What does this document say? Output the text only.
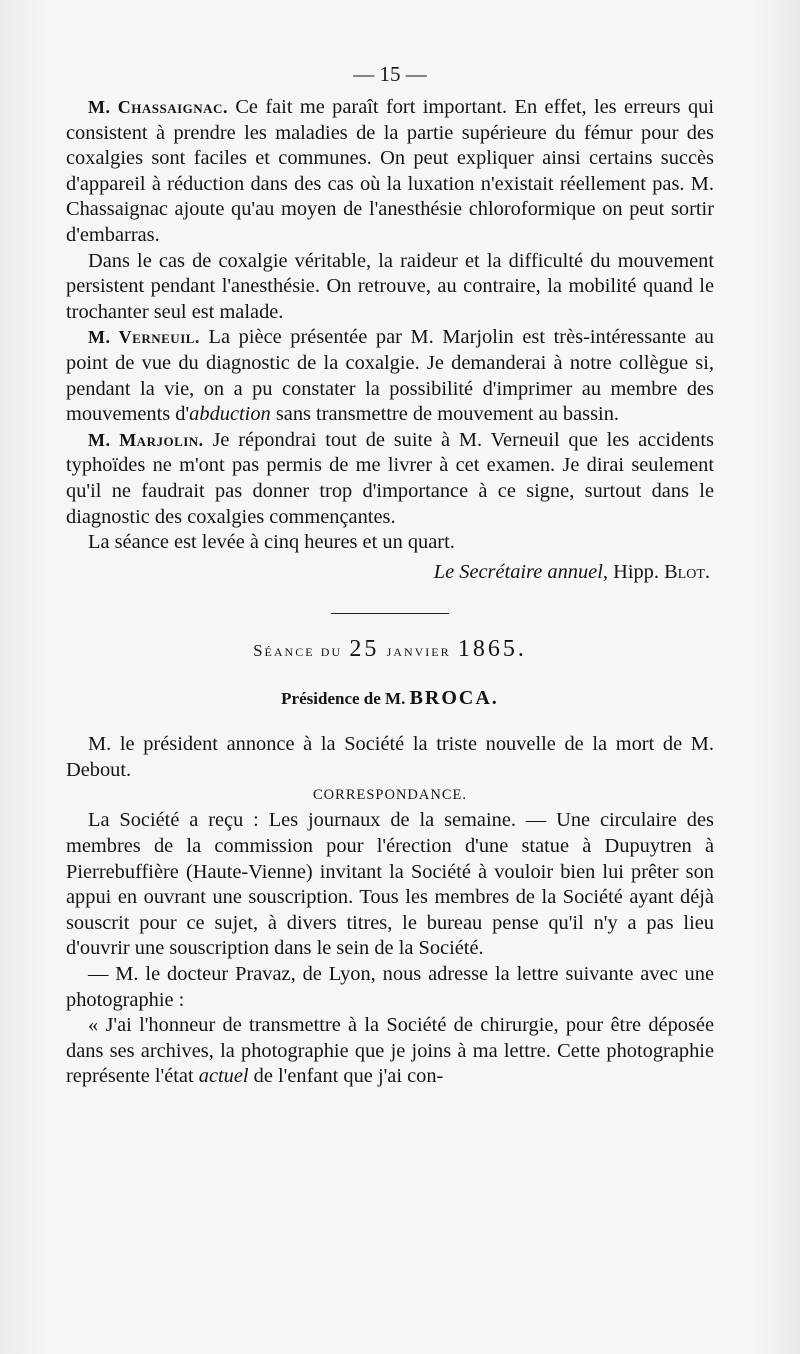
— 15 —

M. Chassaignac. Ce fait me paraît fort important. En effet, les erreurs qui consistent à prendre les maladies de la partie supérieure du fémur pour des coxalgies sont faciles et communes. On peut expliquer ainsi certains succès d'appareil à réduction dans des cas où la luxation n'existait réellement pas. M. Chassaignac ajoute qu'au moyen de l'anesthésie chloroformique on peut sortir d'embarras.

Dans le cas de coxalgie véritable, la raideur et la difficulté du mouvement persistent pendant l'anesthésie. On retrouve, au contraire, la mobilité quand le trochanter seul est malade.

M. Verneuil. La pièce présentée par M. Marjolin est très-intéressante au point de vue du diagnostic de la coxalgie. Je demanderai à notre collègue si, pendant la vie, on a pu constater la possibilité d'imprimer au membre des mouvements d'abduction sans transmettre de mouvement au bassin.

M. Marjolin. Je répondrai tout de suite à M. Verneuil que les accidents typhoïdes ne m'ont pas permis de me livrer à cet examen. Je dirai seulement qu'il ne faudrait pas donner trop d'importance à ce signe, surtout dans le diagnostic des coxalgies commençantes.

La séance est levée à cinq heures et un quart.

Le Secrétaire annuel, Hipp. Blot.

Séance du 25 janvier 1865.
Présidence de M. BROCA.

M. le président annonce à la Société la triste nouvelle de la mort de M. Debout.

CORRESPONDANCE.

La Société a reçu : Les journaux de la semaine. — Une circulaire des membres de la commission pour l'érection d'une statue à Dupuytren à Pierrebuffière (Haute-Vienne) invitant la Société à vouloir bien lui prêter son appui en ouvrant une souscription. Tous les membres de la Société ayant déjà souscrit pour ce sujet, à divers titres, le bureau pense qu'il n'y a pas lieu d'ouvrir une souscription dans le sein de la Société.

— M. le docteur Pravaz, de Lyon, nous adresse la lettre suivante avec une photographie :

« J'ai l'honneur de transmettre à la Société de chirurgie, pour être déposée dans ses archives, la photographie que je joins à ma lettre. Cette photographie représente l'état actuel de l'enfant que j'ai con-
